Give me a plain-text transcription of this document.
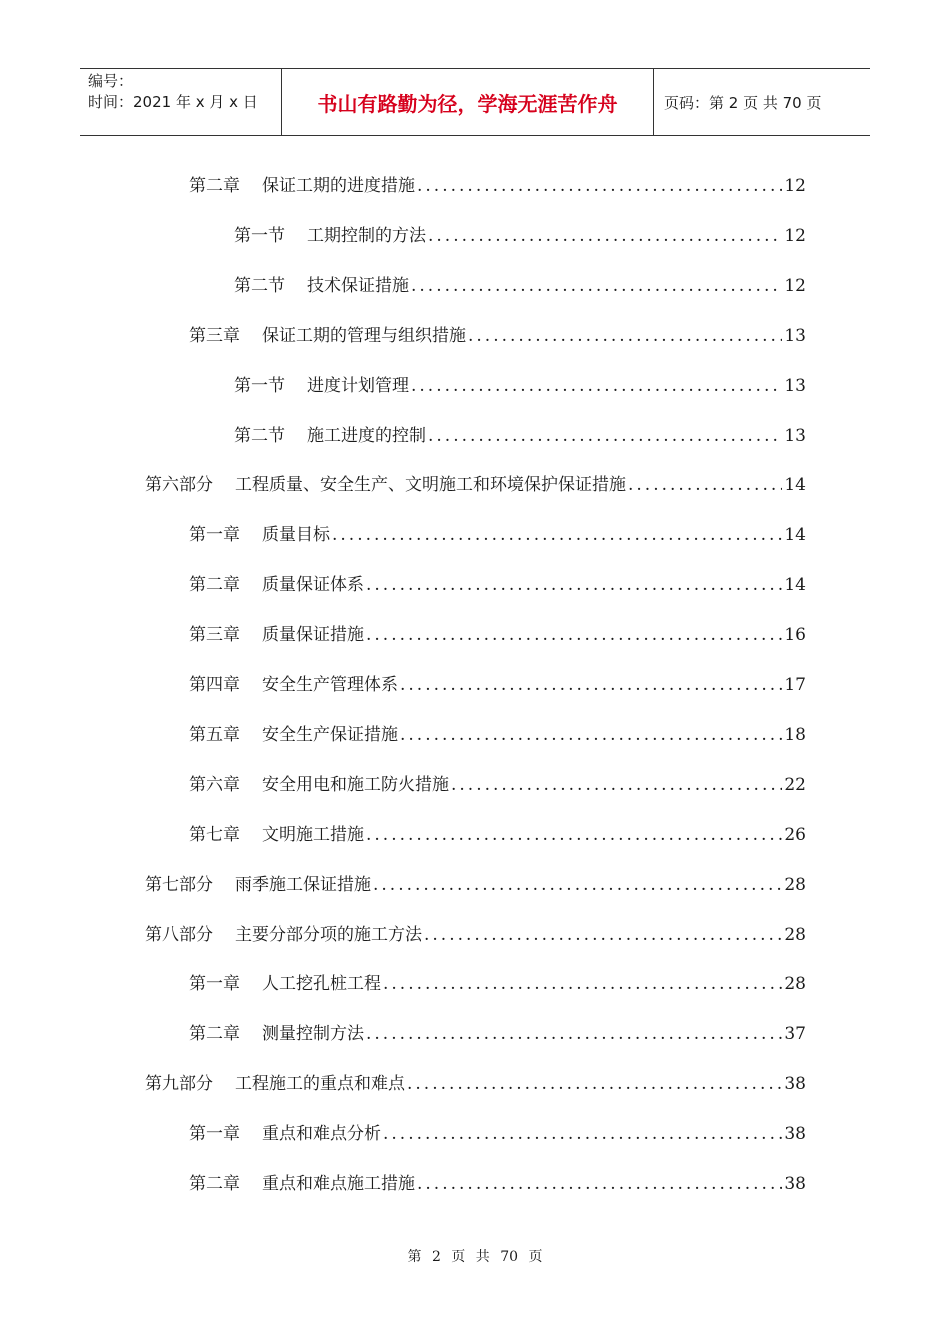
编号：
时间：2021 年 x 月 x 日	书山有路勤为径，学海无涯苦作舟	页码：第 2 页 共 70 页
第二章 保证工期的进度措施 .....	12
第一节 工期控制的方法 .....	12
第二节 技术保证措施 .....	12
第三章 保证工期的管理与组织措施 .....	13
第一节 进度计划管理 .....	13
第二节 施工进度的控制 .....	13
第六部分 工程质量、安全生产、文明施工和环境保护保证措施 .....	14
第一章 质量目标 .....	14
第二章 质量保证体系 .....	14
第三章 质量保证措施 .....	16
第四章 安全生产管理体系 .....	17
第五章 安全生产保证措施 .....	18
第六章 安全用电和施工防火措施 .....	22
第七章 文明施工措施 .....	26
第七部分 雨季施工保证措施 .....	28
第八部分 主要分部分项的施工方法 .....	28
第一章 人工挖孔桩工程 .....	28
第二章 测量控制方法 .....	37
第九部分 工程施工的重点和难点 .....	38
第一章 重点和难点分析 .....	38
第二章 重点和难点施工措施 .....	38
第 2 页 共 70 页
